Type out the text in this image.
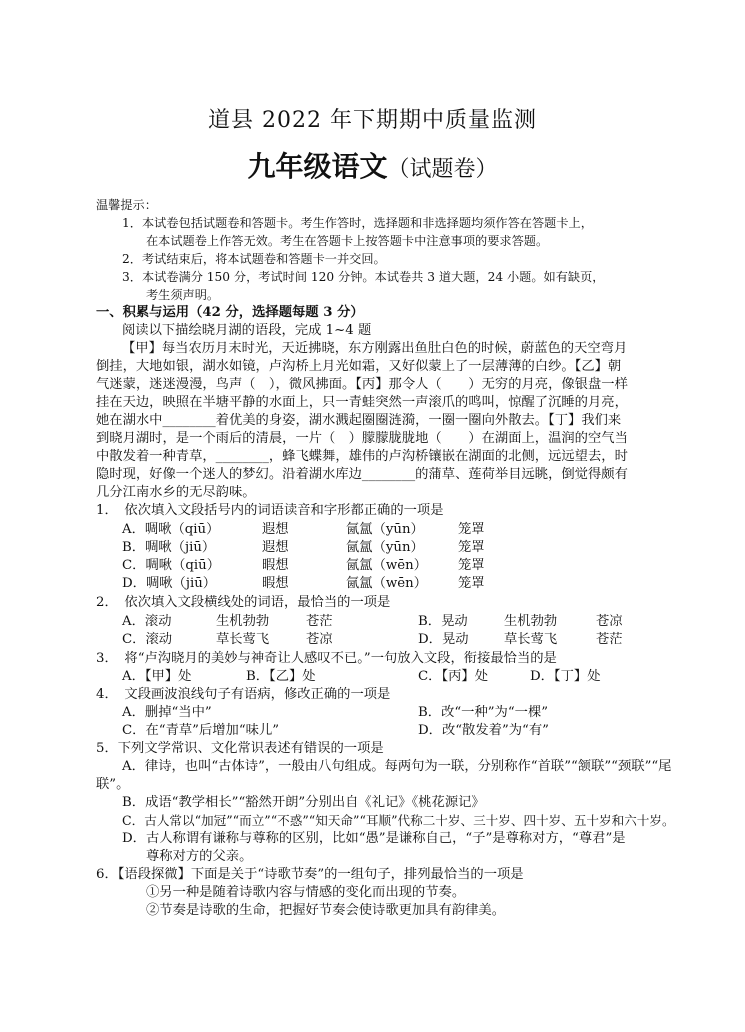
道县 2022 年下期期中质量监测
九年级语文（试题卷）
温馨提示：
1．本试卷包括试题卷和答题卡。考生作答时，选择题和非选择题均须作答在答题卡上，
在本试题卷上作答无效。考生在答题卡上按答题卡中注意事项的要求答题。
2．考试结束后，将本试题卷和答题卡一并交回。
3．本试卷满分 150 分，考试时间 120 分钟。本试卷共 3 道大题，24 小题。如有缺页，
考生须声明。
一、积累与运用（42 分，选择题每题 3 分）
阅读以下描绘晓月湖的语段，完成 1~4 题
【甲】每当农历月末时光，天近拂晓，东方刚露出鱼肚白色的时候，蔚蓝色的天空弯月
倒挂，大地如银，湖水如镜，卢沟桥上月光如霜，又好似蒙上了一层薄薄的白纱。【乙】朝
气迷蒙，迷迷漫漫，鸟声（　），微风拂面。【丙】那令人（　　）无穷的月亮，像银盘一样
挂在天边，映照在半塘平静的水面上，只一青蛙突然一声滚爪的鸣叫，惊醒了沉睡的月亮，
她在湖水中________着优美的身姿，湖水溅起圈圈涟漪，一圈一圈向外散去。【丁】我们来
到晓月湖时，是一个雨后的清晨，一片（　）朦朦胧胧地（　　）在湖面上，温润的空气当
中散发着一种青草，________，蜂飞蝶舞，雄伟的卢沟桥镶嵌在湖面的北侧，远远望去，时
隐时现，好像一个迷人的梦幻。沿着湖水库边________的蒲草、莲荷举目远眺，倒觉得颇有
几分江南水乡的无尽韵味。
1．　依次填入文段括号内的词语读音和字形都正确的一项是
A．啁啾（qiū）	遐想	氤氲（yūn）	笼罩
B．啁啾（jiū）	遐想	氤氲（yūn）	笼罩
C．啁啾（qiū）	暇想	氤氲（wēn） 笼罩
D．啁啾（jiū）	暇想	氤氲（wēn） 笼罩
2．　依次填入文段横线处的词语，最恰当的一项是
A．滚动	生机勃勃	苍茫	B．晃动	生机勃勃	苍凉
C．滚动	草长莺飞	苍凉	D．晃动	草长莺飞	苍茫
3．　将“卢沟晓月的美妙与神奇让人感叹不已。”一句放入文段，衔接最恰当的是
A．【甲】处	B．【乙】处	C．【丙】处	D．【丁】处
4．　文段画波浪线句子有语病，修改正确的一项是
A．删掉“当中”	B．改“一种”为“一棵”
C．在“青草”后增加“味儿”	D．改“散发着”为“有”
5．下列文学常识、文化常识表述有错误的一项是
A．律诗，也叫“古体诗”，一般由八句组成。每两句为一联，分别称作“首联”“颔联”“颈联”“尾
联”。
B．成语“教学相长”“豁然开朗”分别出自《礼记》《桃花源记》
C．古人常以“加冠”“而立”“不惑”“知天命”“耳顺”代称二十岁、三十岁、四十岁、五十岁和六十岁。
D．古人称谓有谦称与尊称的区别，比如“愚”是谦称自己，“子”是尊称对方，“尊君”是
尊称对方的父亲。
6．【语段探微】下面是关于“诗歌节奏”的一组句子，排列最恰当的一项是
①另一种是随着诗歌内容与情感的变化而出现的节奏。
②节奏是诗歌的生命，把握好节奏会使诗歌更加具有韵律美。
